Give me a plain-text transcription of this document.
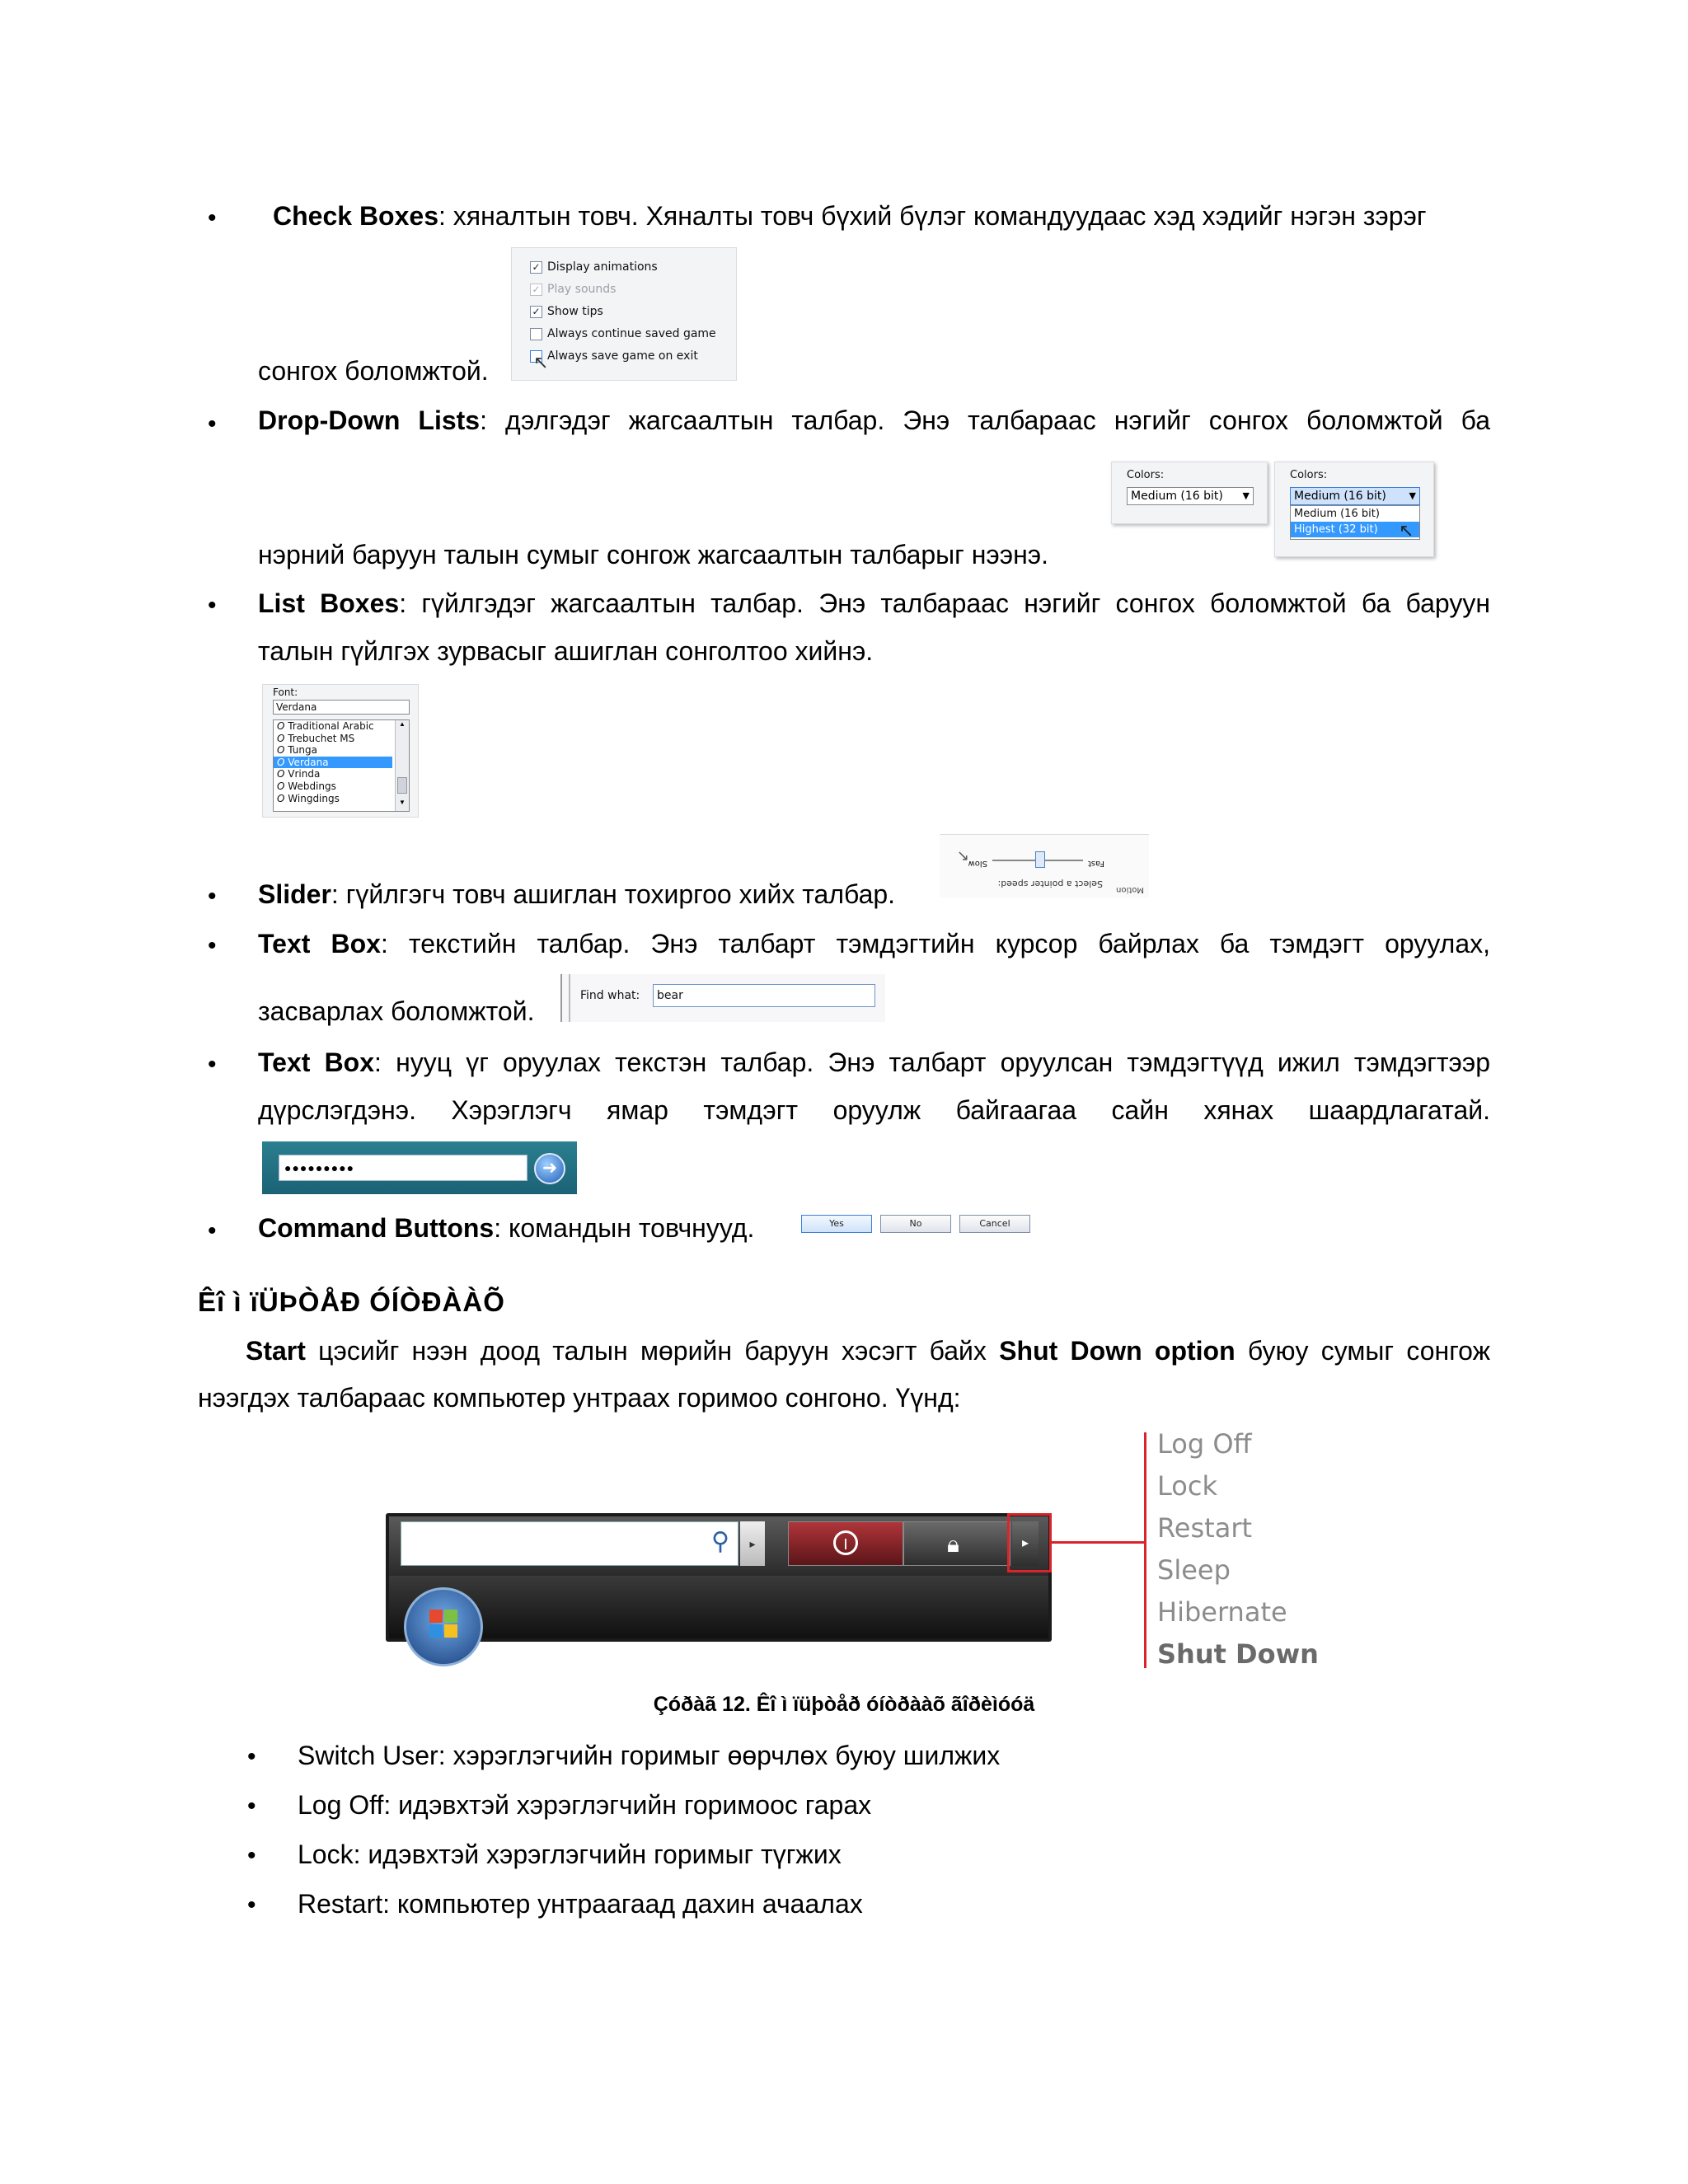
• Check Boxes: хяналтын товч. Хяналты товч бүхий бүлэг командуудаас хэд хэдийг нэгэн зэрэг
сонгох боломжтой.
✓ Display animations
✓ Play sounds
✓ Show tips
Always continue saved game
Always save game on exit
↖
• Drop-Down Lists: дэлгэдэг жагсаалтын талбар. Энэ талбараас нэгийг сонгох боломжтой ба
нэрний баруун талын сумыг сонгож жагсаалтын талбарыг нээнэ.
Colors:
Medium (16 bit) ▼
Colors:
Medium (16 bit)	▼
Medium (16 bit)
Highest (32 bit)	↖
• List Boxes: гүйлгэдэг жагсаалтын талбар. Энэ талбараас нэгийг сонгох боломжтой ба баруун
талын гүйлгэх зурвасыг ашиглан сонголтоо хийнэ.
Font:
Verdana
O Traditional Arabic
O Trebuchet MS
O Tunga
O Verdana
O Vrinda
O Webdings
O Wingdings
▲
▼
• Slider: гүйлгэгч товч ашиглан тохиргоо хийх талбар.	Motion
Select a pointer speed:
Fast
Slow
↖
• Text Box: текстийн талбар. Энэ талбарт тэмдэгтийн курсор байрлах ба тэмдэгт оруулах,
засварлах боломжтой.
Find what:	bear
• Text Box: нууц үг оруулах текстэн талбар. Энэ талбарт оруулсан тэмдэгтүүд ижил тэмдэгтээр
дүрслэгдэнэ. Хэрэглэгч ямар тэмдэгт оруулж байгаагаа сайн хянах шаардлагатай.
●●●●●●●●●	➜
• Command Buttons: командын товчнууд.	Yes	No	Cancel
Êî ì ïÜÞÒÅÐ ÓÍÒÐÀÀÕ
Start цэсийг нээн доод талын мөрийн баруун хэсэгт байх Shut Down option буюу сумыг сонгож
нээгдэх талбараас компьютер унтраах горимоо сонгоно. Үүнд:
⚲	▸	|	🔒︎	▸
Log Off
Lock
Restart
Sleep
Hibernate
Shut Down
Çóðàã 12. Êî ì ïüþòåð óíòðààõ ãîðèìóóä
• Switch User: хэрэглэгчийн горимыг өөрчлөх буюу шилжих
• Log Off: идэвхтэй хэрэглэгчийн горимоос гарах
• Lock: идэвхтэй хэрэглэгчийн горимыг түгжих
• Restart: компьютер унтраагаад дахин ачаалах
